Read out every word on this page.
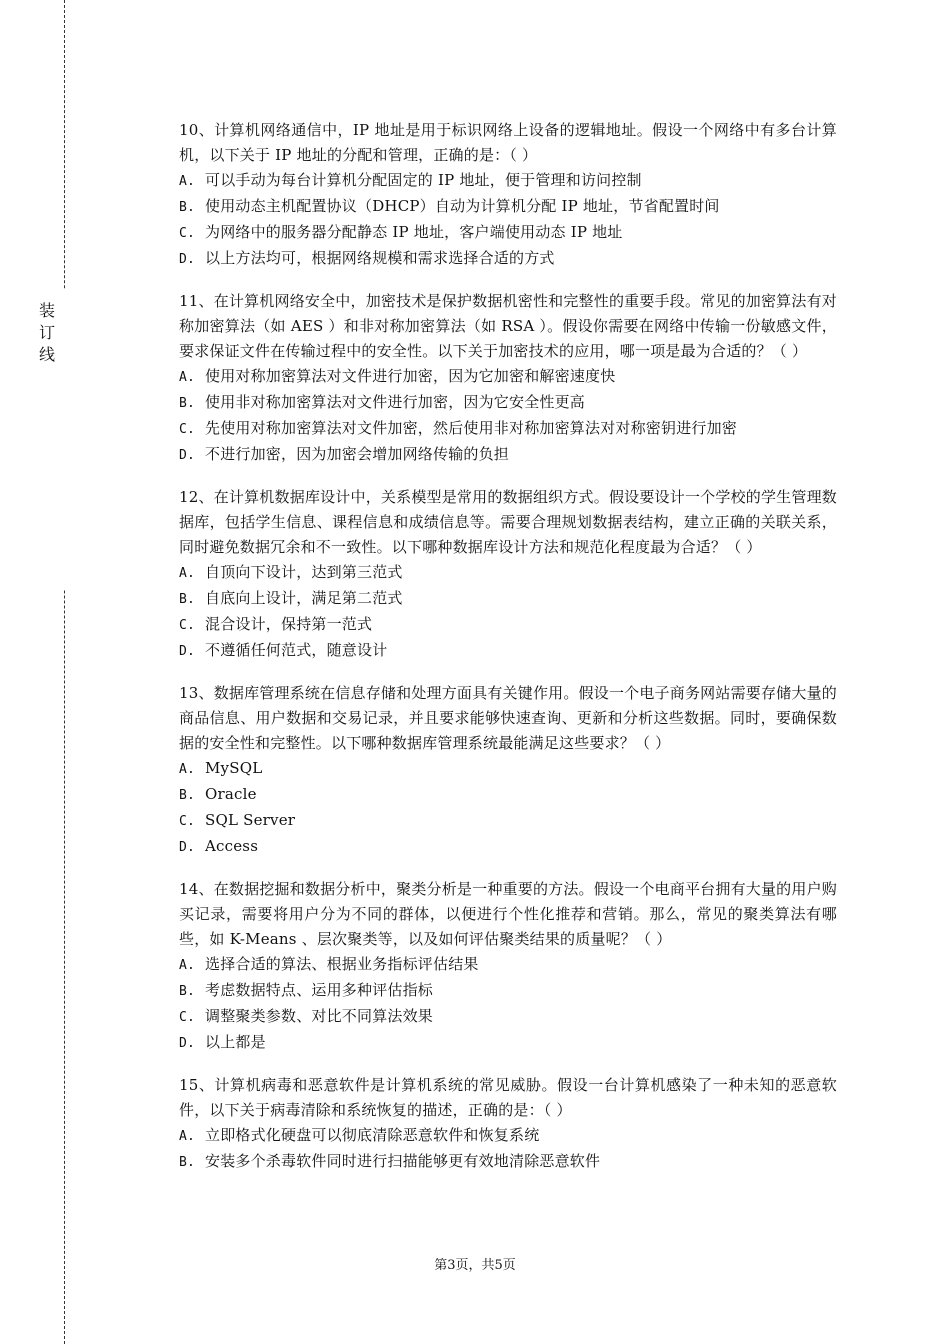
装
订
线
10、计算机网络通信中，IP 地址是用于标识网络上设备的逻辑地址。假设一个网络中有多台计算机，以下关于 IP 地址的分配和管理，正确的是：（ ）
A. 可以手动为每台计算机分配固定的 IP 地址，便于管理和访问控制
B. 使用动态主机配置协议（DHCP）自动为计算机分配 IP 地址，节省配置时间
C. 为网络中的服务器分配静态 IP 地址，客户端使用动态 IP 地址
D. 以上方法均可，根据网络规模和需求选择合适的方式
11、在计算机网络安全中，加密技术是保护数据机密性和完整性的重要手段。常见的加密算法有对称加密算法（如 AES ）和非对称加密算法（如 RSA ）。假设你需要在网络中传输一份敏感文件，要求保证文件在传输过程中的安全性。以下关于加密技术的应用，哪一项是最为合适的？（ ）
A. 使用对称加密算法对文件进行加密，因为它加密和解密速度快
B. 使用非对称加密算法对文件进行加密，因为它安全性更高
C. 先使用对称加密算法对文件加密，然后使用非对称加密算法对对称密钥进行加密
D. 不进行加密，因为加密会增加网络传输的负担
12、在计算机数据库设计中，关系模型是常用的数据组织方式。假设要设计一个学校的学生管理数据库，包括学生信息、课程信息和成绩信息等。需要合理规划数据表结构，建立正确的关联关系，同时避免数据冗余和不一致性。以下哪种数据库设计方法和规范化程度最为合适？（ ）
A. 自顶向下设计，达到第三范式
B. 自底向上设计，满足第二范式
C. 混合设计，保持第一范式
D. 不遵循任何范式，随意设计
13、数据库管理系统在信息存储和处理方面具有关键作用。假设一个电子商务网站需要存储大量的商品信息、用户数据和交易记录，并且要求能够快速查询、更新和分析这些数据。同时，要确保数据的安全性和完整性。以下哪种数据库管理系统最能满足这些要求？（ ）
A. MySQL
B. Oracle
C. SQL Server
D. Access
14、在数据挖掘和数据分析中，聚类分析是一种重要的方法。假设一个电商平台拥有大量的用户购买记录，需要将用户分为不同的群体，以便进行个性化推荐和营销。那么，常见的聚类算法有哪些，如 K-Means 、层次聚类等，以及如何评估聚类结果的质量呢？（ ）
A. 选择合适的算法、根据业务指标评估结果
B. 考虑数据特点、运用多种评估指标
C. 调整聚类参数、对比不同算法效果
D. 以上都是
15、计算机病毒和恶意软件是计算机系统的常见威胁。假设一台计算机感染了一种未知的恶意软件，以下关于病毒清除和系统恢复的描述，正确的是：（ ）
A. 立即格式化硬盘可以彻底清除恶意软件和恢复系统
B. 安装多个杀毒软件同时进行扫描能够更有效地清除恶意软件
第3页，共5页
